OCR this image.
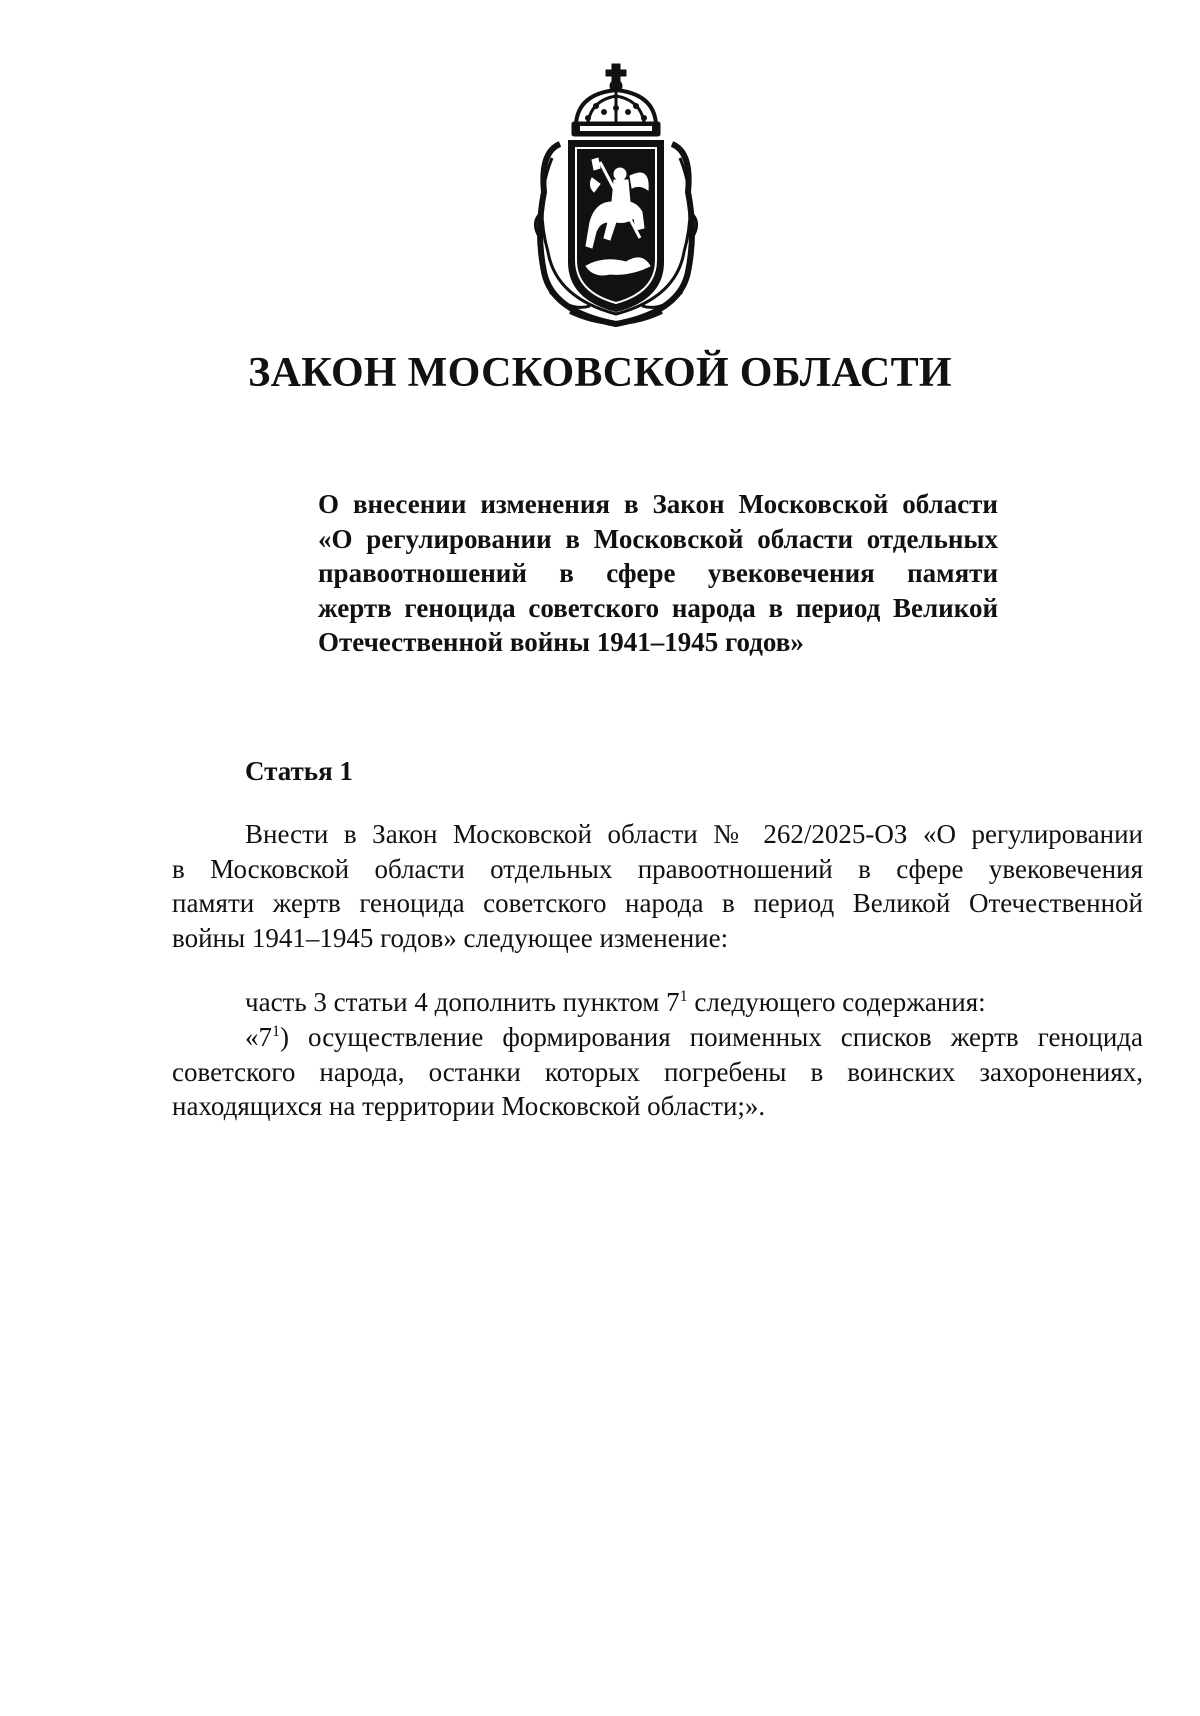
ЗАКОН МОСКОВСКОЙ ОБЛАСТИ
О внесении изменения в Закон Московской области
«О регулировании в Московской области отдельных
правоотношений в сфере увековечения памяти
жертв геноцида советского народа в период Великой
Отечественной войны 1941–1945 годов»
Статья 1
Внести в Закон Московской области № 262/2025-ОЗ «О регулировании
в Московской области отдельных правоотношений в сфере увековечения
памяти жертв геноцида советского народа в период Великой Отечественной
войны 1941–1945 годов» следующее изменение:
часть 3 статьи 4 дополнить пунктом $7^1$ следующего содержания:
«$7^1$) осуществление формирования поименных списков жертв геноцида
советского народа, останки которых погребены в воинских захоронениях,
находящихся на территории Московской области;».
